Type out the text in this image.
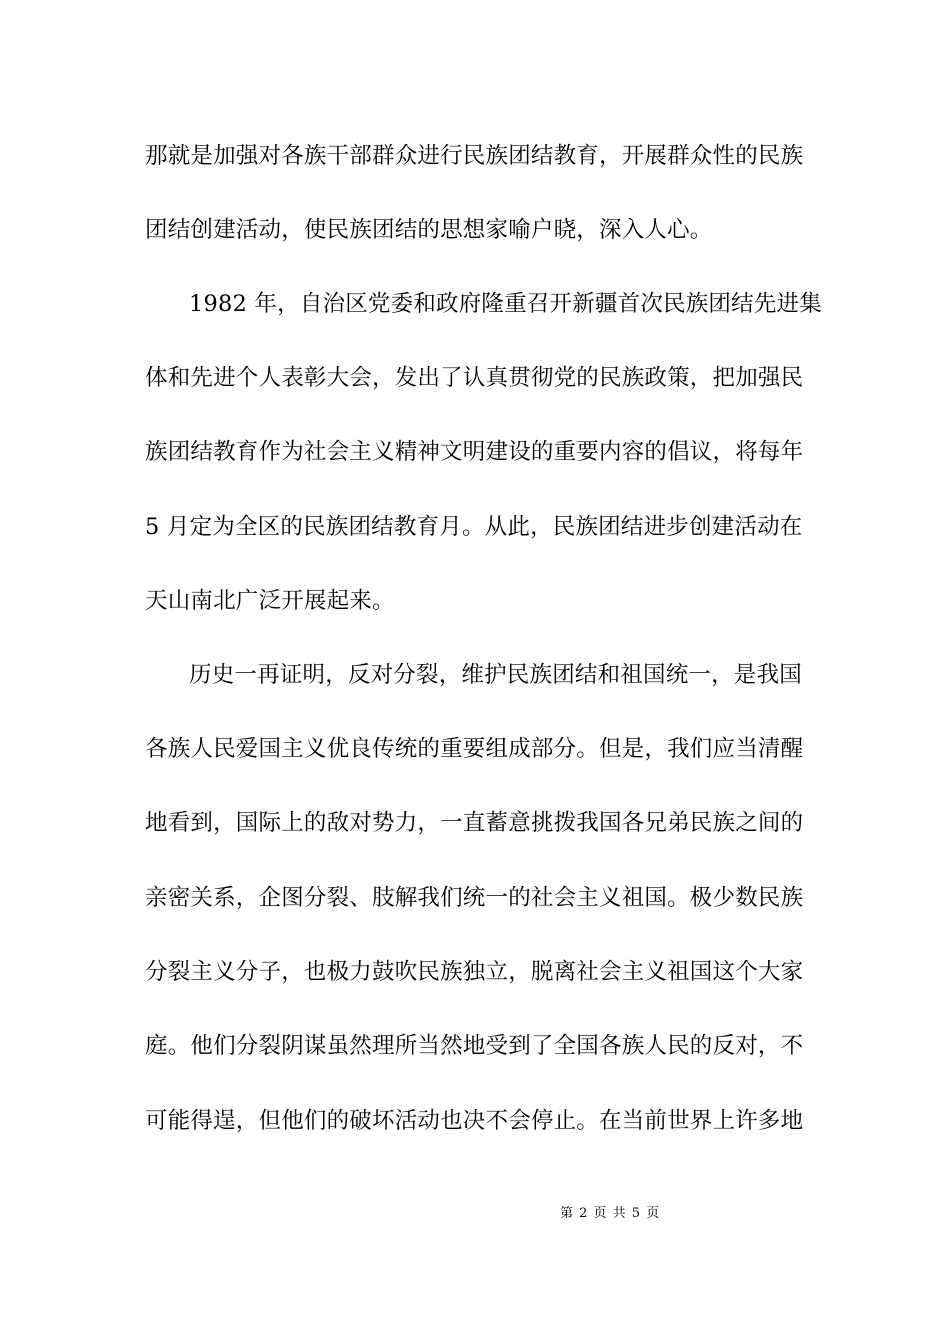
那就是加强对各族干部群众进行民族团结教育，开展群众性的民族
团结创建活动，使民族团结的思想家喻户晓，深入人心。
1982 年，自治区党委和政府隆重召开新疆首次民族团结先进集
体和先进个人表彰大会，发出了认真贯彻党的民族政策，把加强民
族团结教育作为社会主义精神文明建设的重要内容的倡议，将每年
5 月定为全区的民族团结教育月。从此，民族团结进步创建活动在
天山南北广泛开展起来。
历史一再证明，反对分裂，维护民族团结和祖国统一，是我国
各族人民爱国主义优良传统的重要组成部分。但是，我们应当清醒
地看到，国际上的敌对势力，一直蓄意挑拨我国各兄弟民族之间的
亲密关系，企图分裂、肢解我们统一的社会主义祖国。极少数民族
分裂主义分子，也极力鼓吹民族独立，脱离社会主义祖国这个大家
庭。他们分裂阴谋虽然理所当然地受到了全国各族人民的反对，不
可能得逞，但他们的破坏活动也决不会停止。在当前世界上许多地
第 2 页 共 5 页
